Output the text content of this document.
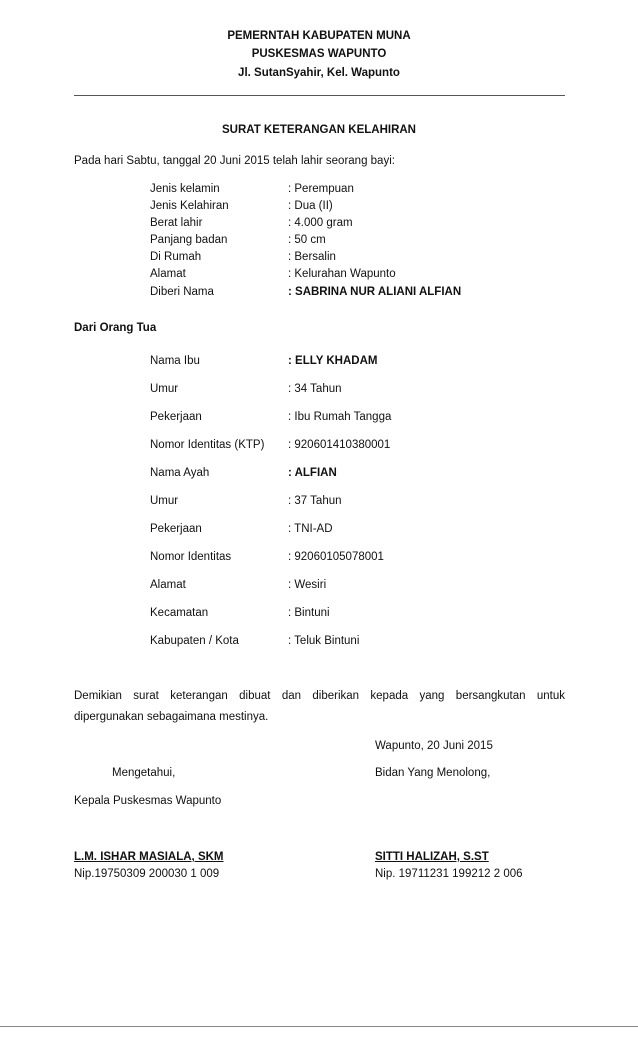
PEMERNTAH KABUPATEN MUNA
PUSKESMAS WAPUNTO
Jl. SutanSyahir, Kel. Wapunto
SURAT KETERANGAN KELAHIRAN
Pada hari Sabtu, tanggal 20 Juni 2015 telah lahir seorang bayi:
Jenis kelamin	: Perempuan
Jenis Kelahiran	: Dua (II)
Berat lahir	: 4.000 gram
Panjang badan	: 50 cm
Di Rumah	: Bersalin
Alamat	: Kelurahan Wapunto
Diberi Nama	: SABRINA NUR ALIANI ALFIAN
Dari Orang Tua
Nama Ibu	: ELLY KHADAM
Umur	: 34 Tahun
Pekerjaan	: Ibu Rumah Tangga
Nomor Identitas (KTP) : 920601410380001
Nama Ayah	: ALFIAN
Umur	: 37 Tahun
Pekerjaan	: TNI-AD
Nomor Identitas	: 92060105078001
Alamat	: Wesiri
Kecamatan	: Bintuni
Kabupaten / Kota	: Teluk Bintuni
Demikian surat keterangan dibuat dan diberikan kepada yang bersangkutan untuk
dipergunakan sebagaimana mestinya.
Wapunto, 20 Juni 2015
Mengetahui,	Bidan Yang Menolong,
Kepala Puskesmas Wapunto
L.M. ISHAR MASIALA, SKM	SITTI HALIZAH, S.ST
Nip.19750309 200030 1 009	Nip. 19711231 199212 2 006
